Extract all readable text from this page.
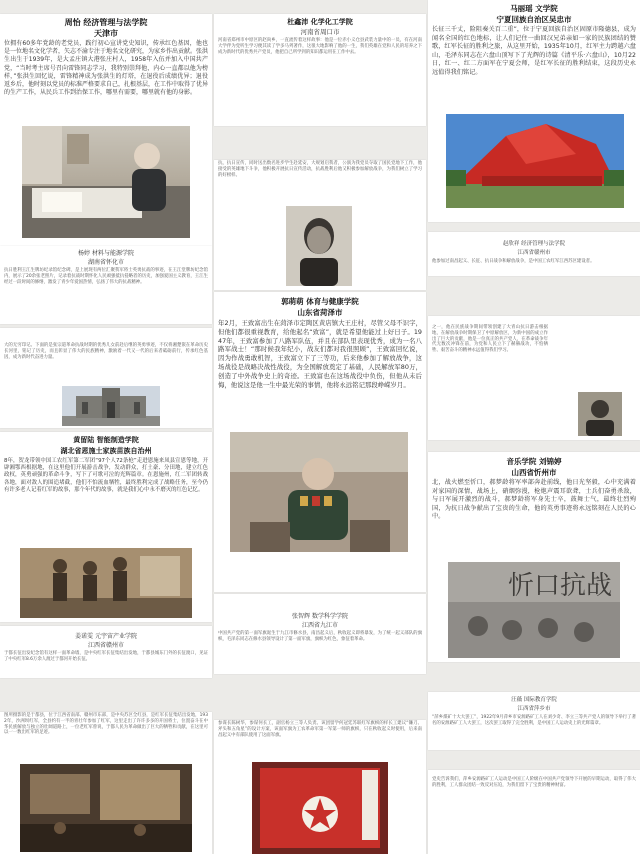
周怡 经济管理与法学院
天津市
位拥有60多年党龄的老党员，践行初心宣讲党史知识，传承红色基因，他也是一位地名文化学者，矢志不渝专注于地名文化研究，为家乡作出贡献。张洪生出生于1939年，是大孟庄镇大港张庄村人，1958年入伍并加入中国共产党，“当时考主席号召向雷锋同志学习，我特别崇拜他，内心一直都以他为榜样，”张洪生回忆说，雷锋精神成为张洪生的灯塔，在退役后成绩优异；退役返乡后，他时刻以党员的标准严格要求自己，扎根基层，在工作中取得了优异的生产工作，从民兵工作到治保工作，哪里有需要，哪里就有他的身影。
杨婷 材料与能源学院
湖南省怀化市
抗日胜利王江生牌坊纪录馆纪念碑，是上展现有两位汇聚我军将士英勇抗战的事迹，在王江堂牌坊纪念馆内，展示了20余张老照片，记录着抗战时期怀化人民顽强抵抗侵略者的历史，加强爱国主义教育，王江生经过一段时间的修缮，激发了青少年爱国热情，弘扬了伟大的抗战精神。
大的无穷印记。下面的是张宗道革命抗战时期的优秀儿女前赴后继的英勇事迹，不仅将湘楚嵌在革命历史长河里，铭记了历史，而且彰显了伟大的民族精神，激励着一代又一代的后来者砥砺前行，传承红色基因，成为新时代奋进力量。
黄留陆 智能制造学院
湖北省恩施土家族苗族自治州
8年，贺龙带领中国工农红军第二军团“97个人72条枪”走进恩施来凤县宣恩等地，开辟湘鄂西根据地，在这里他们开展游击战争，发动群众，打土豪、分田地，建立红色政权，英勇顽强的革命斗争，写下了可歌可泣的光辉篇章。在恩施州，红二军团转战各地，面对敌人的围追堵截，他们不怕流血牺牲，最终胜利完成了战略任务，至今仍有许多老人记着红军的故事，那个年代的故事，就是我们心中永不磨灭的红色记忆。
姜诺雯 元宇宙产业学院
江西省赣州市
于都长征出发纪念馆有这样一面革命墙，是中央红军长征集结出发地，于都县城东门外的长征渡口，见证了中央红军8.6万余人渡过于都河开始长征。
图所摄影的是于都县，位于江西省南部、赣州市东部，是中央苏区全红县，是红军长征集结出发地，1932年，沙洲坝红军，全县约有一半的青壮年参加了红军，这里走出了许许多多的开国将士，位置奋斗在中华民族解放与独立的壮阔道路上，一位老红军曾说，于都人民为革命做出了巨大的牺牲和贡献，在这里可以一一数出红军的足迹。
杜鑫沛 化学化工学院
河南省周口市
河南省郑州市中原区的赵尚乡，一直流传着这样故事：他是一位赤小义仓县武装力量中的一员，有在河南大学伴为党听生学习便其读了学多马列著作，这很大地影响了他的一生，我们英雄在党和人民的培养之下成为新时代的优秀共产党员，他把自己所学到的知识都运用在工作中去。
抗，抗日宣传，同时送出数名进步学生赴延安，大规划启我者，公演为我党员夺取了国民党地下工作，他接受的英雄地下斗争，他积极开展抗日宣传活动，抗战胜利后他又积极参加解放战争，为我们树立了学习的好榜样。
郭萌萌 体育与健康学院
山东省菏泽市
年2月，王致富出生在菏泽市定陶区黄店镇大王庄村，尽管父母不识字，但他们都很重视教育，给他起名“致富”，就是希望他能过上好日子。1947年，王致富参加了八路军队伍，并且在部队里表现优秀，成为一名八路军战士！“那时候我年纪小，战友们都对我很照顾”，王致富回忆说，因为作战勇敢机智，王致富立下了三等功，后来他参加了解放战争，这场战役是战略决战性战役，为全国解放奠定了基础，人民解放军80万，创造了中外战争史上的奇迹。王致富也在这场战役中负伤，但他从未后悔，他说这是他一生中最光荣的事情，他将永远铭记那段峥嵘岁月。
张智辉 数学科学学院
江西省九江市
中国共产党的第一面军旗诞生于九江市修水县，南昌起义后，秋收起义即将暴发，为了统一起义部队的旗帜，毛泽东同志在修水县领导设计了第一面军旗，旗帜为红色，象征着革命。
参谋长陈树华，参谋何长工，副官杨立三等人负责。该团留学何冠廷苏联红军旗帜的样长工建议“镰刀、斧头和五角星”的设计方案，该面军旗为工农革命军第一军第一师的旗帜，只在秋收起义时使用，后来南昌起义中有部队使用了这面军旗。
马丽瑶 文学院
宁夏回族自治区吴忠市
长征三千丈，险阻奏关百二重”，位于宁夏回族自治区固原市隆德县，成为闻名全国的红色地标，让人们记住一曲回汉兄弟亲如一家的民族团结的赞歌，红军长征的胜利之旅，从这里开始，1935年10月，红军主力跨越六盘山，毛泽东同志在六盘山顶写下了光辉的诗篇《清平乐·六盘山》，10月22日，红一、红二方面军在宁夏会师，是红军长征的胜利结束，这段历史永远值得我们铭记。
赵欣祥 经济管理与法学院
江西省赣州市
他参加过南昌起义、长征、抗日战争和解放战争，是中国工农红军江西苏区建设者。
之一，他在民族战争期间带领创建了大青山抗日游击根据地，在解放战争时期保卫了中原解放区，为新中国的成立作出了巨大的贡献，他是一位真正的共产党人，在革命战争年代无数次冲锋在前，为党和人民立下了赫赫战功，不怕牺牲、艰苦奋斗的精神永远值得我们学习。
音乐学院 刘锦婷
山西省忻州市
北，战火燃至忻口，郝梦龄将军率部奔赴前线，他日光坚毅，心中充满着对家国的深情，战场上，硝烟弥漫，枪炮声震耳欲聋，士兵们奋勇杀敌，与日军展开激烈的战斗，郝梦龄将军身先士卒，鼓舞士气，最终壮烈殉国，为抗日战争献出了宝贵的生命，他的英勇事迹将永远铭刻在人民的心中。
忻口抗战
汪薇 国际教育学院
江西省萍乡市
“萍乡煤矿十大大罢工”，1922年9月萍乡市安源路矿工人在刘少奇、李立三等共产党人的领导下举行了著名的安源路矿工人大罢工，这次罢工取得了完全胜利，是中国工人运动史上的光辉篇章。
党史告诉我们，萍乡安源路矿工人运动是中国工人阶级在中国共产党领导下开展的早期运动，取得了伟大的胜利，工人群众团结一致反对压迫，为我们留下了宝贵的精神财富。
